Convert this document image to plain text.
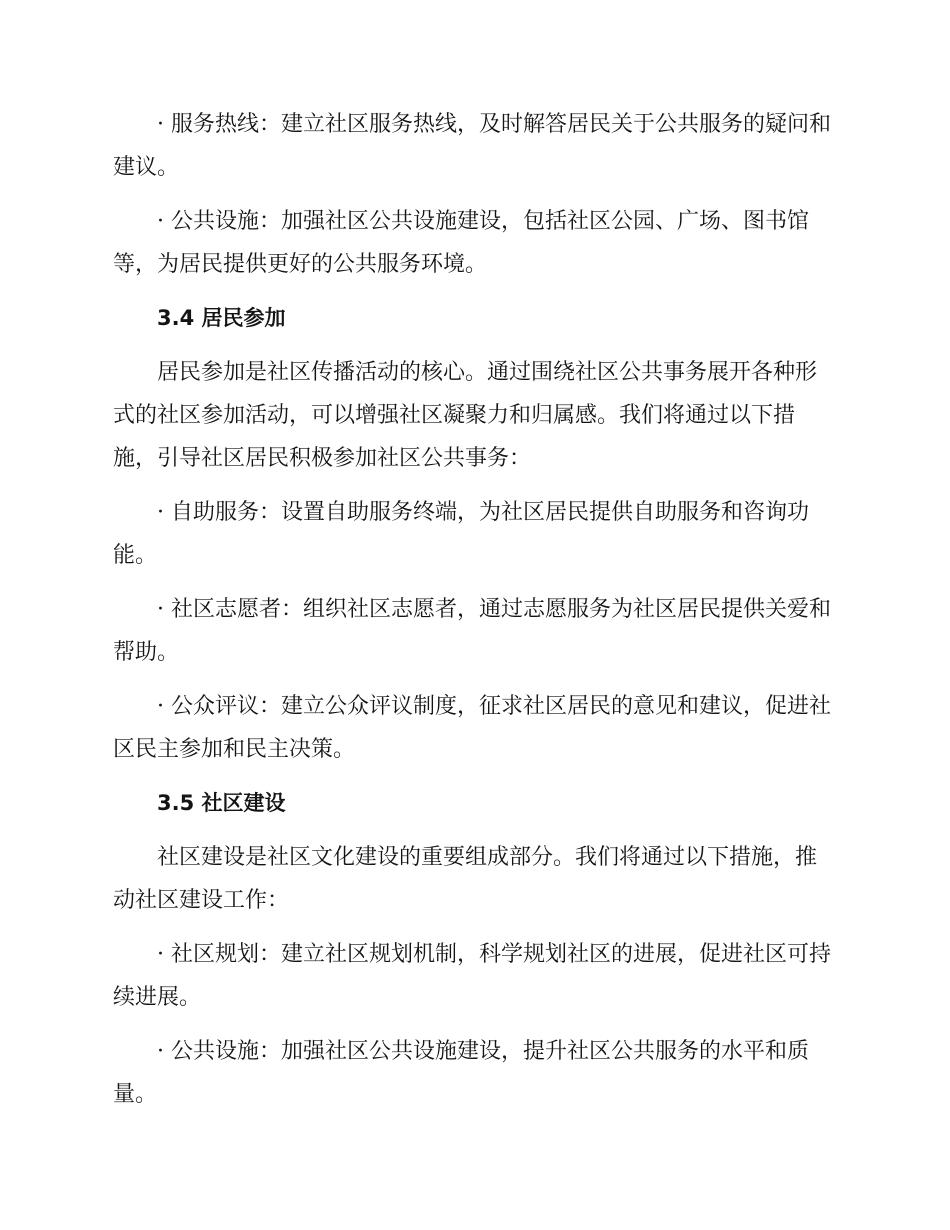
· 服务热线：建立社区服务热线，及时解答居民关于公共服务的疑问和建议。

· 公共设施：加强社区公共设施建设，包括社区公园、广场、图书馆等，为居民提供更好的公共服务环境。

3.4 居民参加

居民参加是社区传播活动的核心。通过围绕社区公共事务展开各种形式的社区参加活动，可以增强社区凝聚力和归属感。我们将通过以下措施，引导社区居民积极参加社区公共事务：

· 自助服务：设置自助服务终端，为社区居民提供自助服务和咨询功能。

· 社区志愿者：组织社区志愿者，通过志愿服务为社区居民提供关爱和帮助。

· 公众评议：建立公众评议制度，征求社区居民的意见和建议，促进社区民主参加和民主决策。

3.5 社区建设

社区建设是社区文化建设的重要组成部分。我们将通过以下措施，推动社区建设工作：

· 社区规划：建立社区规划机制，科学规划社区的进展，促进社区可持续进展。

· 公共设施：加强社区公共设施建设，提升社区公共服务的水平和质量。
